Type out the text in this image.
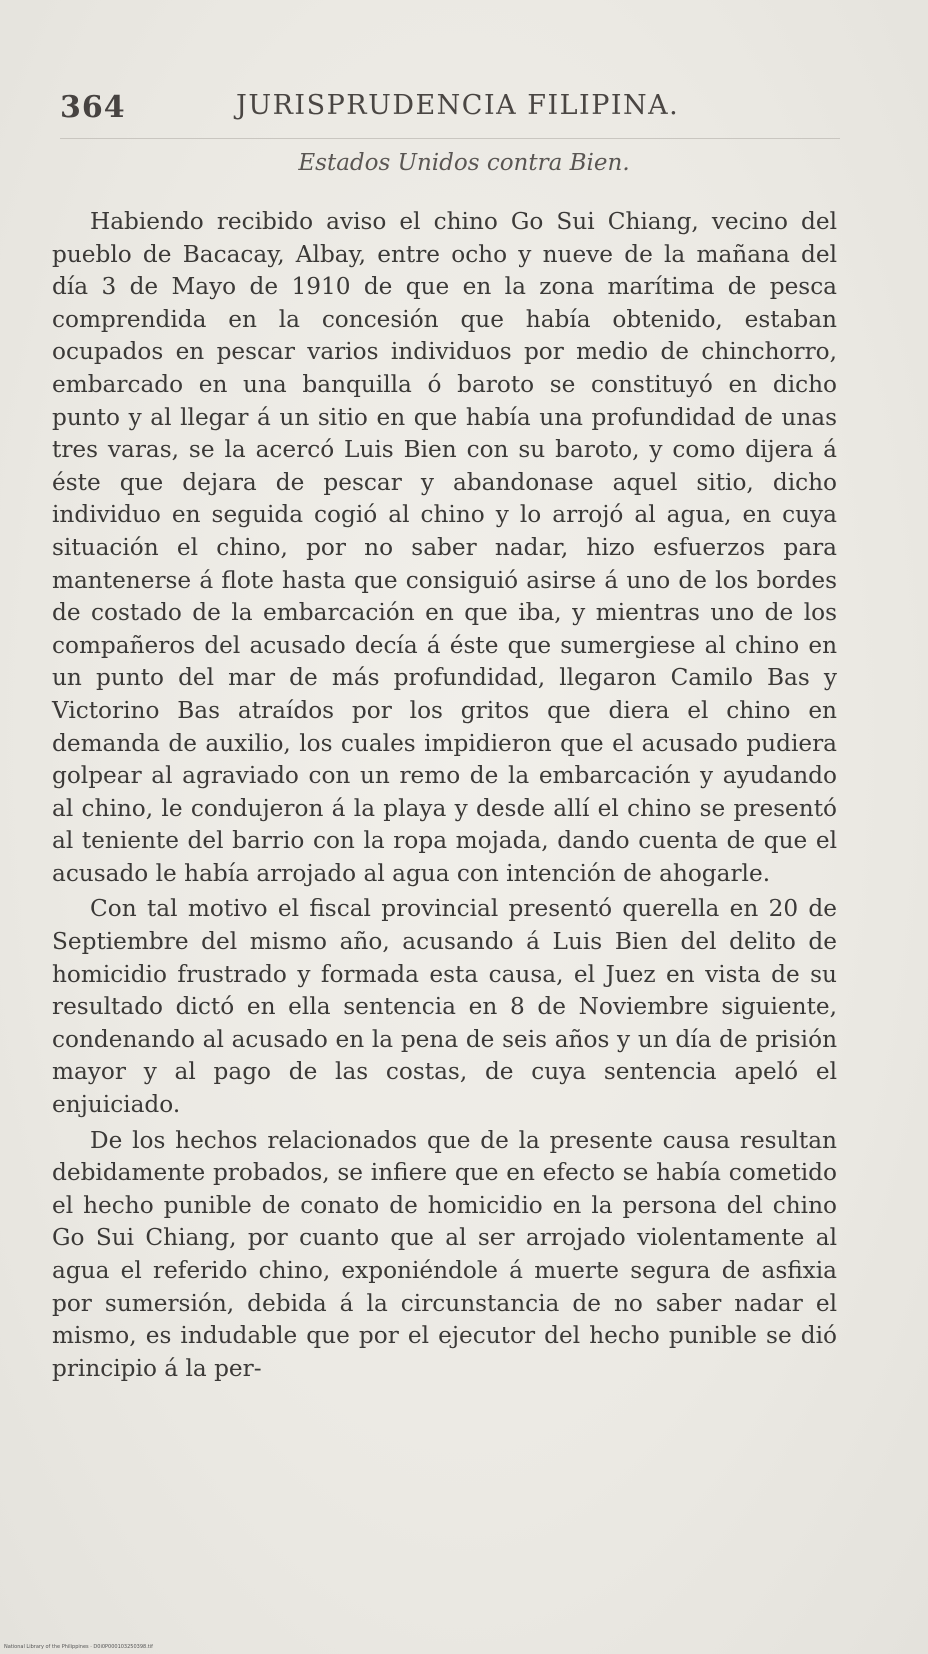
364	JURISPRUDENCIA FILIPINA.
Estados Unidos contra Bien.

Habiendo recibido aviso el chino Go Sui Chiang, vecino del pueblo de Bacacay, Albay, entre ocho y nueve de la mañana del día 3 de Mayo de 1910 de que en la zona marítima de pesca comprendida en la concesión que había obtenido, estaban ocupados en pescar varios individuos por medio de chinchorro, embarcado en una banquilla ó baroto se constituyó en dicho punto y al llegar á un sitio en que había una profundidad de unas tres varas, se la acercó Luis Bien con su baroto, y como dijera á éste que dejara de pescar y abandonase aquel sitio, dicho individuo en seguida cogió al chino y lo arrojó al agua, en cuya situación el chino, por no saber nadar, hizo esfuerzos para mantenerse á flote hasta que consiguió asirse á uno de los bordes de costado de la embarcación en que iba, y mientras uno de los compañeros del acusado decía á éste que sumergiese al chino en un punto del mar de más profundidad, llegaron Camilo Bas y Victorino Bas atraídos por los gritos que diera el chino en demanda de auxilio, los cuales impidieron que el acusado pudiera golpear al agraviado con un remo de la embarcación y ayudando al chino, le condujeron á la playa y desde allí el chino se presentó al teniente del barrio con la ropa mojada, dando cuenta de que el acusado le había arrojado al agua con intención de ahogarle.

Con tal motivo el fiscal provincial presentó querella en 20 de Septiembre del mismo año, acusando á Luis Bien del delito de homicidio frustrado y formada esta causa, el Juez en vista de su resultado dictó en ella sentencia en 8 de Noviembre siguiente, condenando al acusado en la pena de seis años y un día de prisión mayor y al pago de las costas, de cuya sentencia apeló el enjuiciado.

De los hechos relacionados que de la presente causa resultan debidamente probados, se infiere que en efecto se había cometido el hecho punible de conato de homicidio en la persona del chino Go Sui Chiang, por cuanto que al ser arrojado violentamente al agua el referido chino, exponiéndole á muerte segura de asfixia por sumersión, debida á la circunstancia de no saber nadar el mismo, es indudable que por el ejecutor del hecho punible se dió principio á la per-

National Library of the Philippines · D0i0P000103250398.tif
